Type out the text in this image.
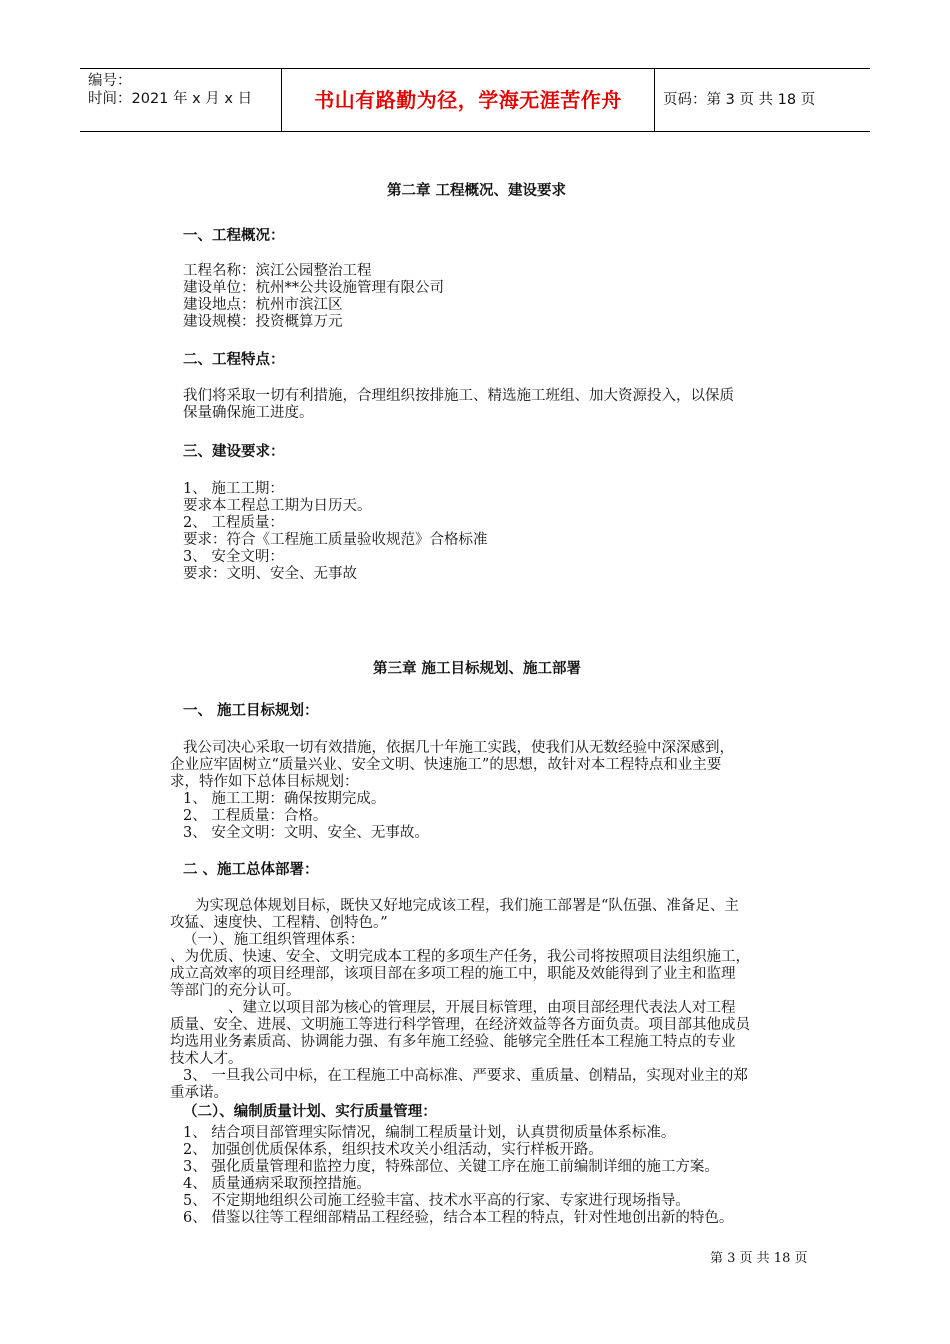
编号：
时间：2021 年 x 月 x 日	书山有路勤为径，学海无涯苦作舟	页码：第 3 页 共 18 页
第二章 工程概况、建设要求
一、工程概况：
工程名称：滨江公园整治工程
建设单位：杭州**公共设施管理有限公司
建设地点：杭州市滨江区
建设规模：投资概算万元
二、工程特点：
我们将采取一切有利措施，合理组织按排施工、精选施工班组、加大资源投入，以保质
保量确保施工进度。
三、建设要求：
1、 施工工期：
要求本工程总工期为日历天。
2、 工程质量：
要求：符合《工程施工质量验收规范》合格标准
3、 安全文明：
要求：文明、安全、无事故
第三章 施工目标规划、施工部署
一、 施工目标规划：
我公司决心采取一切有效措施，依据几十年施工实践，使我们从无数经验中深深感到，
企业应牢固树立“质量兴业、安全文明、快速施工”的思想，故针对本工程特点和业主要
求，特作如下总体目标规划：
1、 施工工期：确保按期完成。
2、 工程质量：合格。
3、 安全文明：文明、安全、无事故。
二 、施工总体部署：
为实现总体规划目标，既快又好地完成该工程，我们施工部署是“队伍强、准备足、主
攻猛、速度快、工程精、创特色。”
（一）、施工组织管理体系：
、为优质、快速、安全、文明完成本工程的多项生产任务，我公司将按照项目法组织施工，
成立高效率的项目经理部，该项目部在多项工程的施工中，职能及效能得到了业主和监理
等部门的充分认可。
、建立以项目部为核心的管理层，开展目标管理，由项目部经理代表法人对工程
质量、安全、进展、文明施工等进行科学管理，在经济效益等各方面负责。项目部其他成员
均选用业务素质高、协调能力强、有多年施工经验、能够完全胜任本工程施工特点的专业
技术人才。
3、 一旦我公司中标，在工程施工中高标准、严要求、重质量、创精品，实现对业主的郑
重承诺。
（二）、编制质量计划、实行质量管理：
1、 结合项目部管理实际情况，编制工程质量计划，认真贯彻质量体系标准。
2、 加强创优质保体系，组织技术攻关小组活动，实行样板开路。
3、 强化质量管理和监控力度，特殊部位、关键工序在施工前编制详细的施工方案。
4、 质量通病采取预控措施。
5、 不定期地组织公司施工经验丰富、技术水平高的行家、专家进行现场指导。
6、 借鉴以往等工程细部精品工程经验，结合本工程的特点，针对性地创出新的特色。
第 3 页 共 18 页
